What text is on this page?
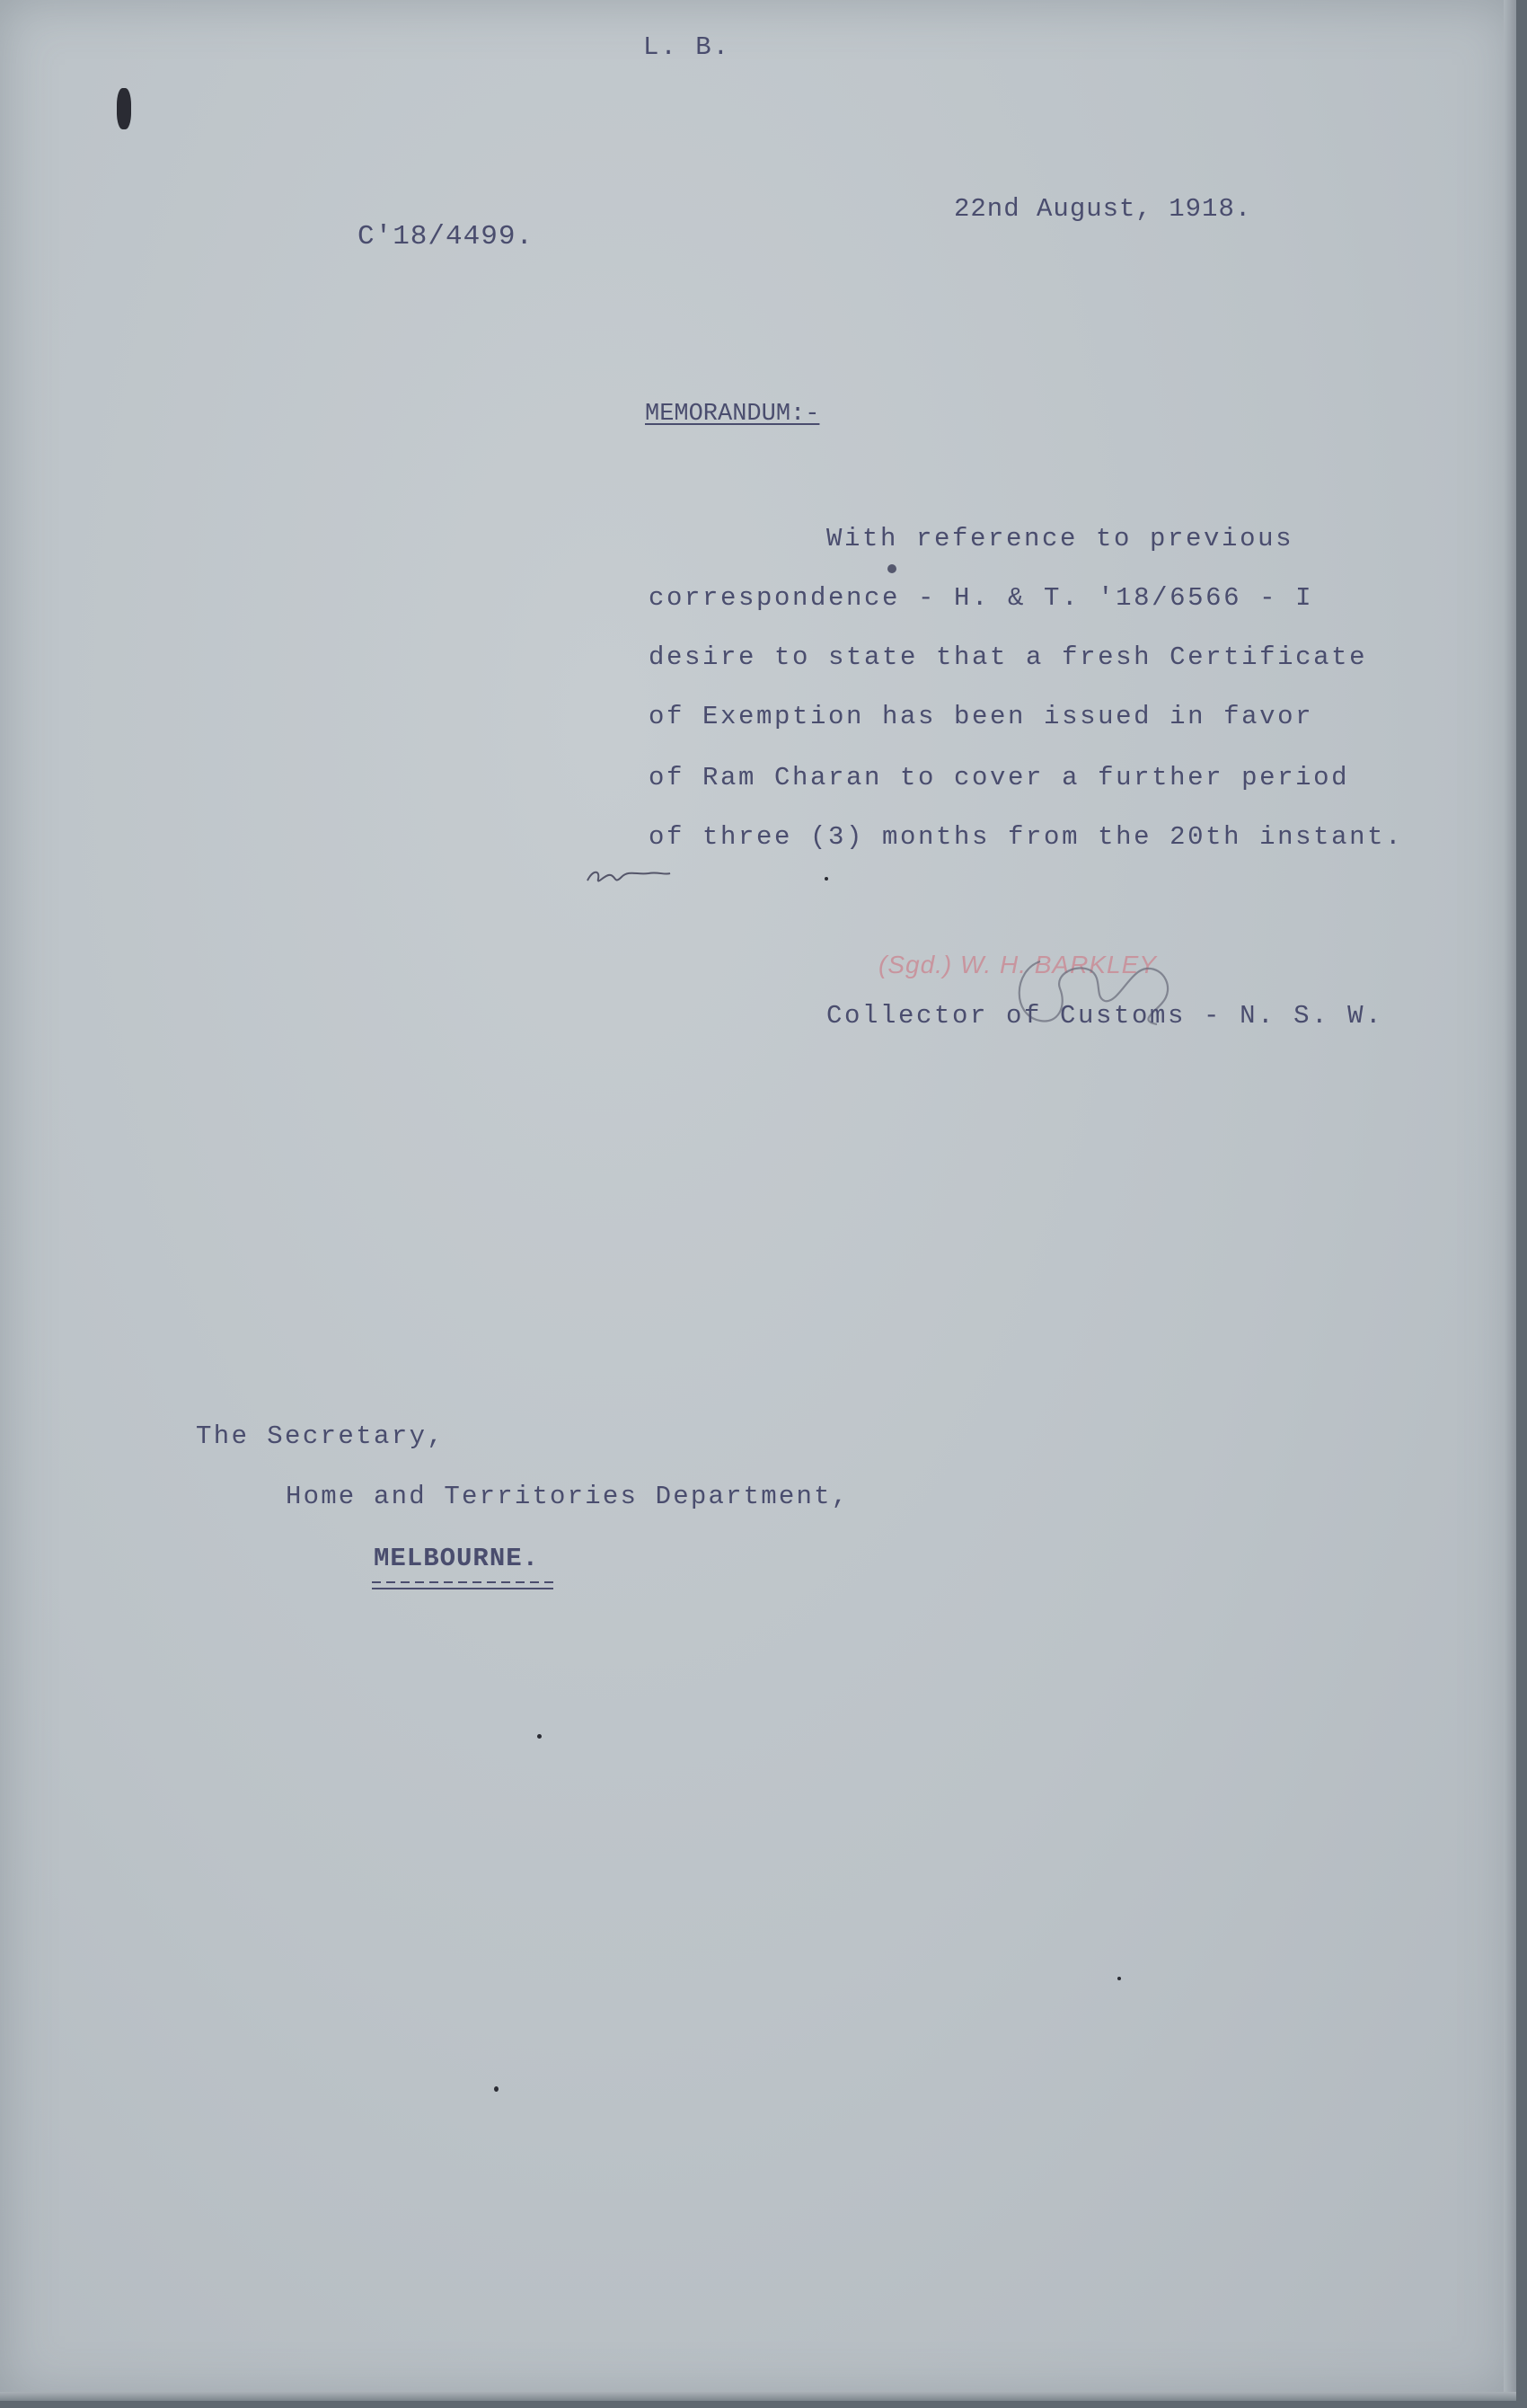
L. B.
C'18/4499.
22nd August, 1918.
MEMORANDUM:-
With reference to previous
correspondence - H. & T. '18/6566 - I
desire to state that a fresh Certificate
of Exemption has been issued in favor
of Ram Charan to cover a further period
of three (3) months from the 20th instant.
(Sgd.) W. H. BARKLEY
Collector of Customs - N. S. W.
The Secretary,
Home and Territories Department,
MELBOURNE.
